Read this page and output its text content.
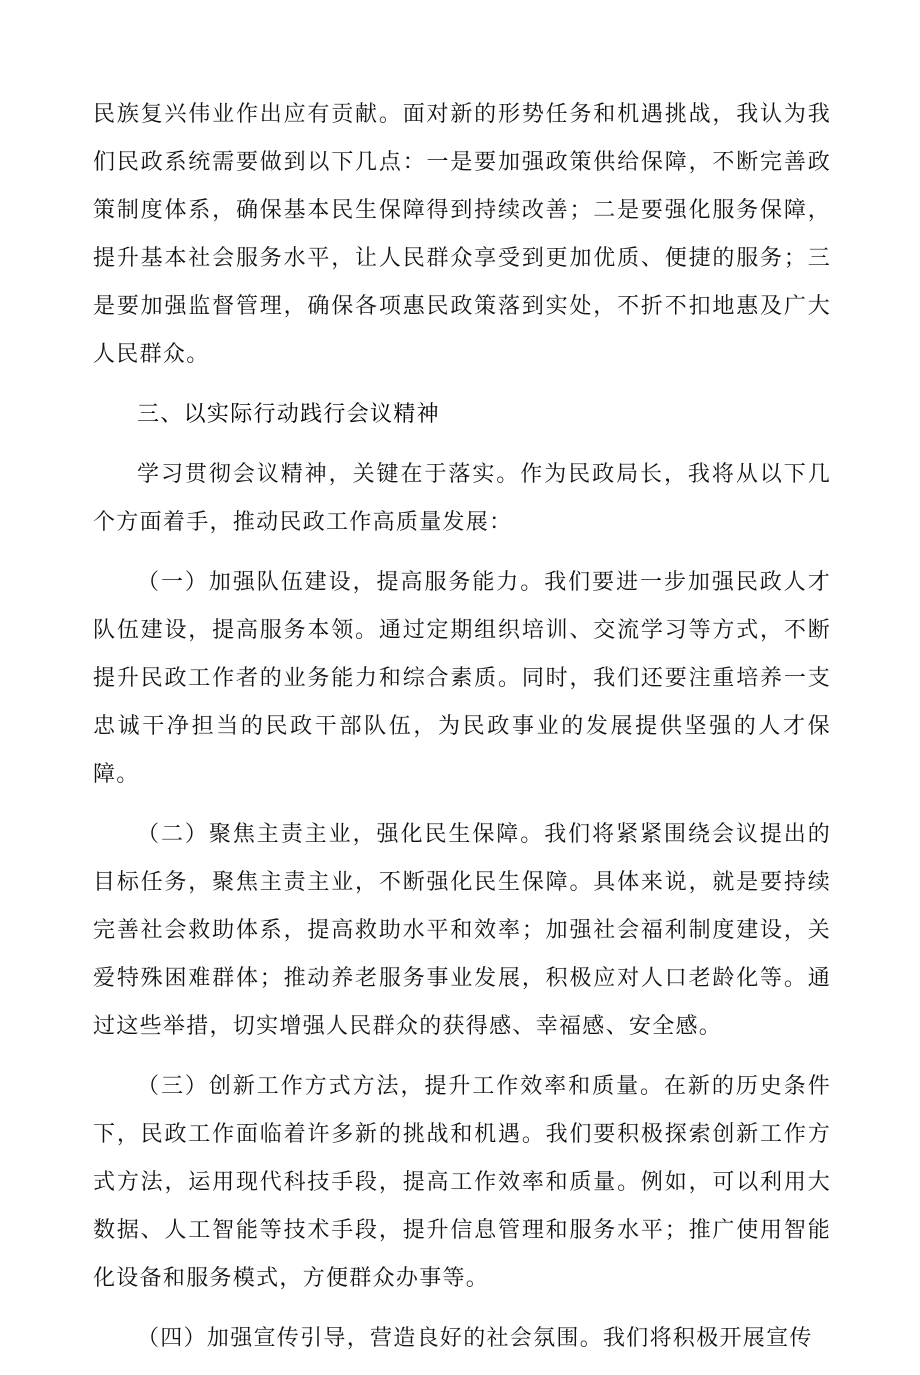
民族复兴伟业作出应有贡献。面对新的形势任务和机遇挑战，我认为我们民政系统需要做到以下几点：一是要加强政策供给保障，不断完善政策制度体系，确保基本民生保障得到持续改善；二是要强化服务保障，提升基本社会服务水平，让人民群众享受到更加优质、便捷的服务；三是要加强监督管理，确保各项惠民政策落到实处，不折不扣地惠及广大人民群众。

三、以实际行动践行会议精神

学习贯彻会议精神，关键在于落实。作为民政局长，我将从以下几个方面着手，推动民政工作高质量发展：

（一）加强队伍建设，提高服务能力。我们要进一步加强民政人才队伍建设，提高服务本领。通过定期组织培训、交流学习等方式，不断提升民政工作者的业务能力和综合素质。同时，我们还要注重培养一支忠诚干净担当的民政干部队伍，为民政事业的发展提供坚强的人才保障。

（二）聚焦主责主业，强化民生保障。我们将紧紧围绕会议提出的目标任务，聚焦主责主业，不断强化民生保障。具体来说，就是要持续完善社会救助体系，提高救助水平和效率；加强社会福利制度建设，关爱特殊困难群体；推动养老服务事业发展，积极应对人口老龄化等。通过这些举措，切实增强人民群众的获得感、幸福感、安全感。

（三）创新工作方式方法，提升工作效率和质量。在新的历史条件下，民政工作面临着许多新的挑战和机遇。我们要积极探索创新工作方式方法，运用现代科技手段，提高工作效率和质量。例如，可以利用大数据、人工智能等技术手段，提升信息管理和服务水平；推广使用智能化设备和服务模式，方便群众办事等。

（四）加强宣传引导，营造良好的社会氛围。我们将积极开展宣传
